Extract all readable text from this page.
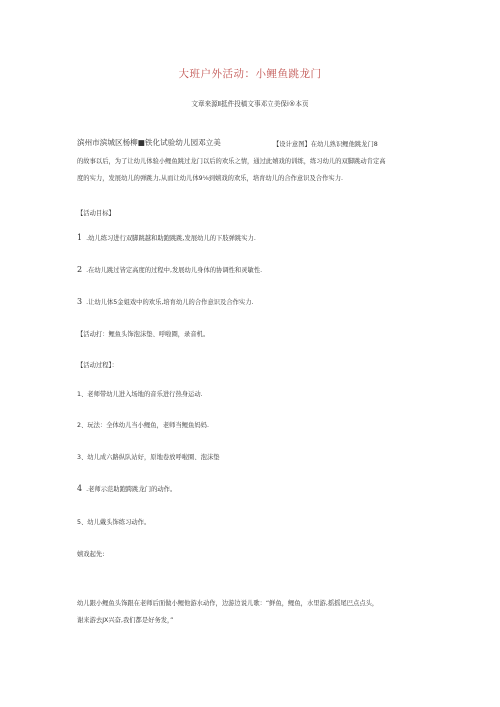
大班户外活动：小鲤鱼跳龙门
文章来源Ⅱ抵件投稿文事邓立美保i®本页
滨州市滨城区杨柳■铁化试验幼儿园邓立美	【设计意图】在幼儿熟识鲤他跳龙门8
的故事以后，为了让幼儿体验小鲤鱼跳过龙门以后的欢乐之情，通过此嬉戏的训练，练习幼儿的双脚跳动肯定高
度的实力，发展幼儿的弹跳力,从而让幼儿体9⅛到嬉戏的欢乐，培育幼儿的合作意识及合作实力.
【活动目标】
1 .幼儿练习进行双脚跳越和助跑跳跳,发展幼儿的下肢弹跳实力.
2 .在幼儿跳过皆定高度的过程中,发展幼儿身体的协调性和灵敏性.
3 .让幼儿体5金姐戏中的欢乐,培育幼儿的合作意识及合作实力.
【活动打：鲤鱼头饰泡沫垫、呼啦圈，录音机。
【活动过程】：
1、老师带幼儿进入场地的音乐进行热身运动.
2、玩法：全体幼儿当小鲤鱼，老师当鲤鱼妈妈.
3、幼儿成六路纵队站好，原地卷放呼啦圈、泡沫垫
4 .老师示范助跑跨跳龙门的动作。
5、幼儿戴头饰练习动作。
嬉戏起先:
幼儿跟小鲤鱼头饰跟在老师后面做小鲤他游水动作，边游边说儿歌：“鲜鱼，鲤鱼，水里游,摇摇尾巴点点头，
谢来游去JX兴奋,我们都是好务发，”
